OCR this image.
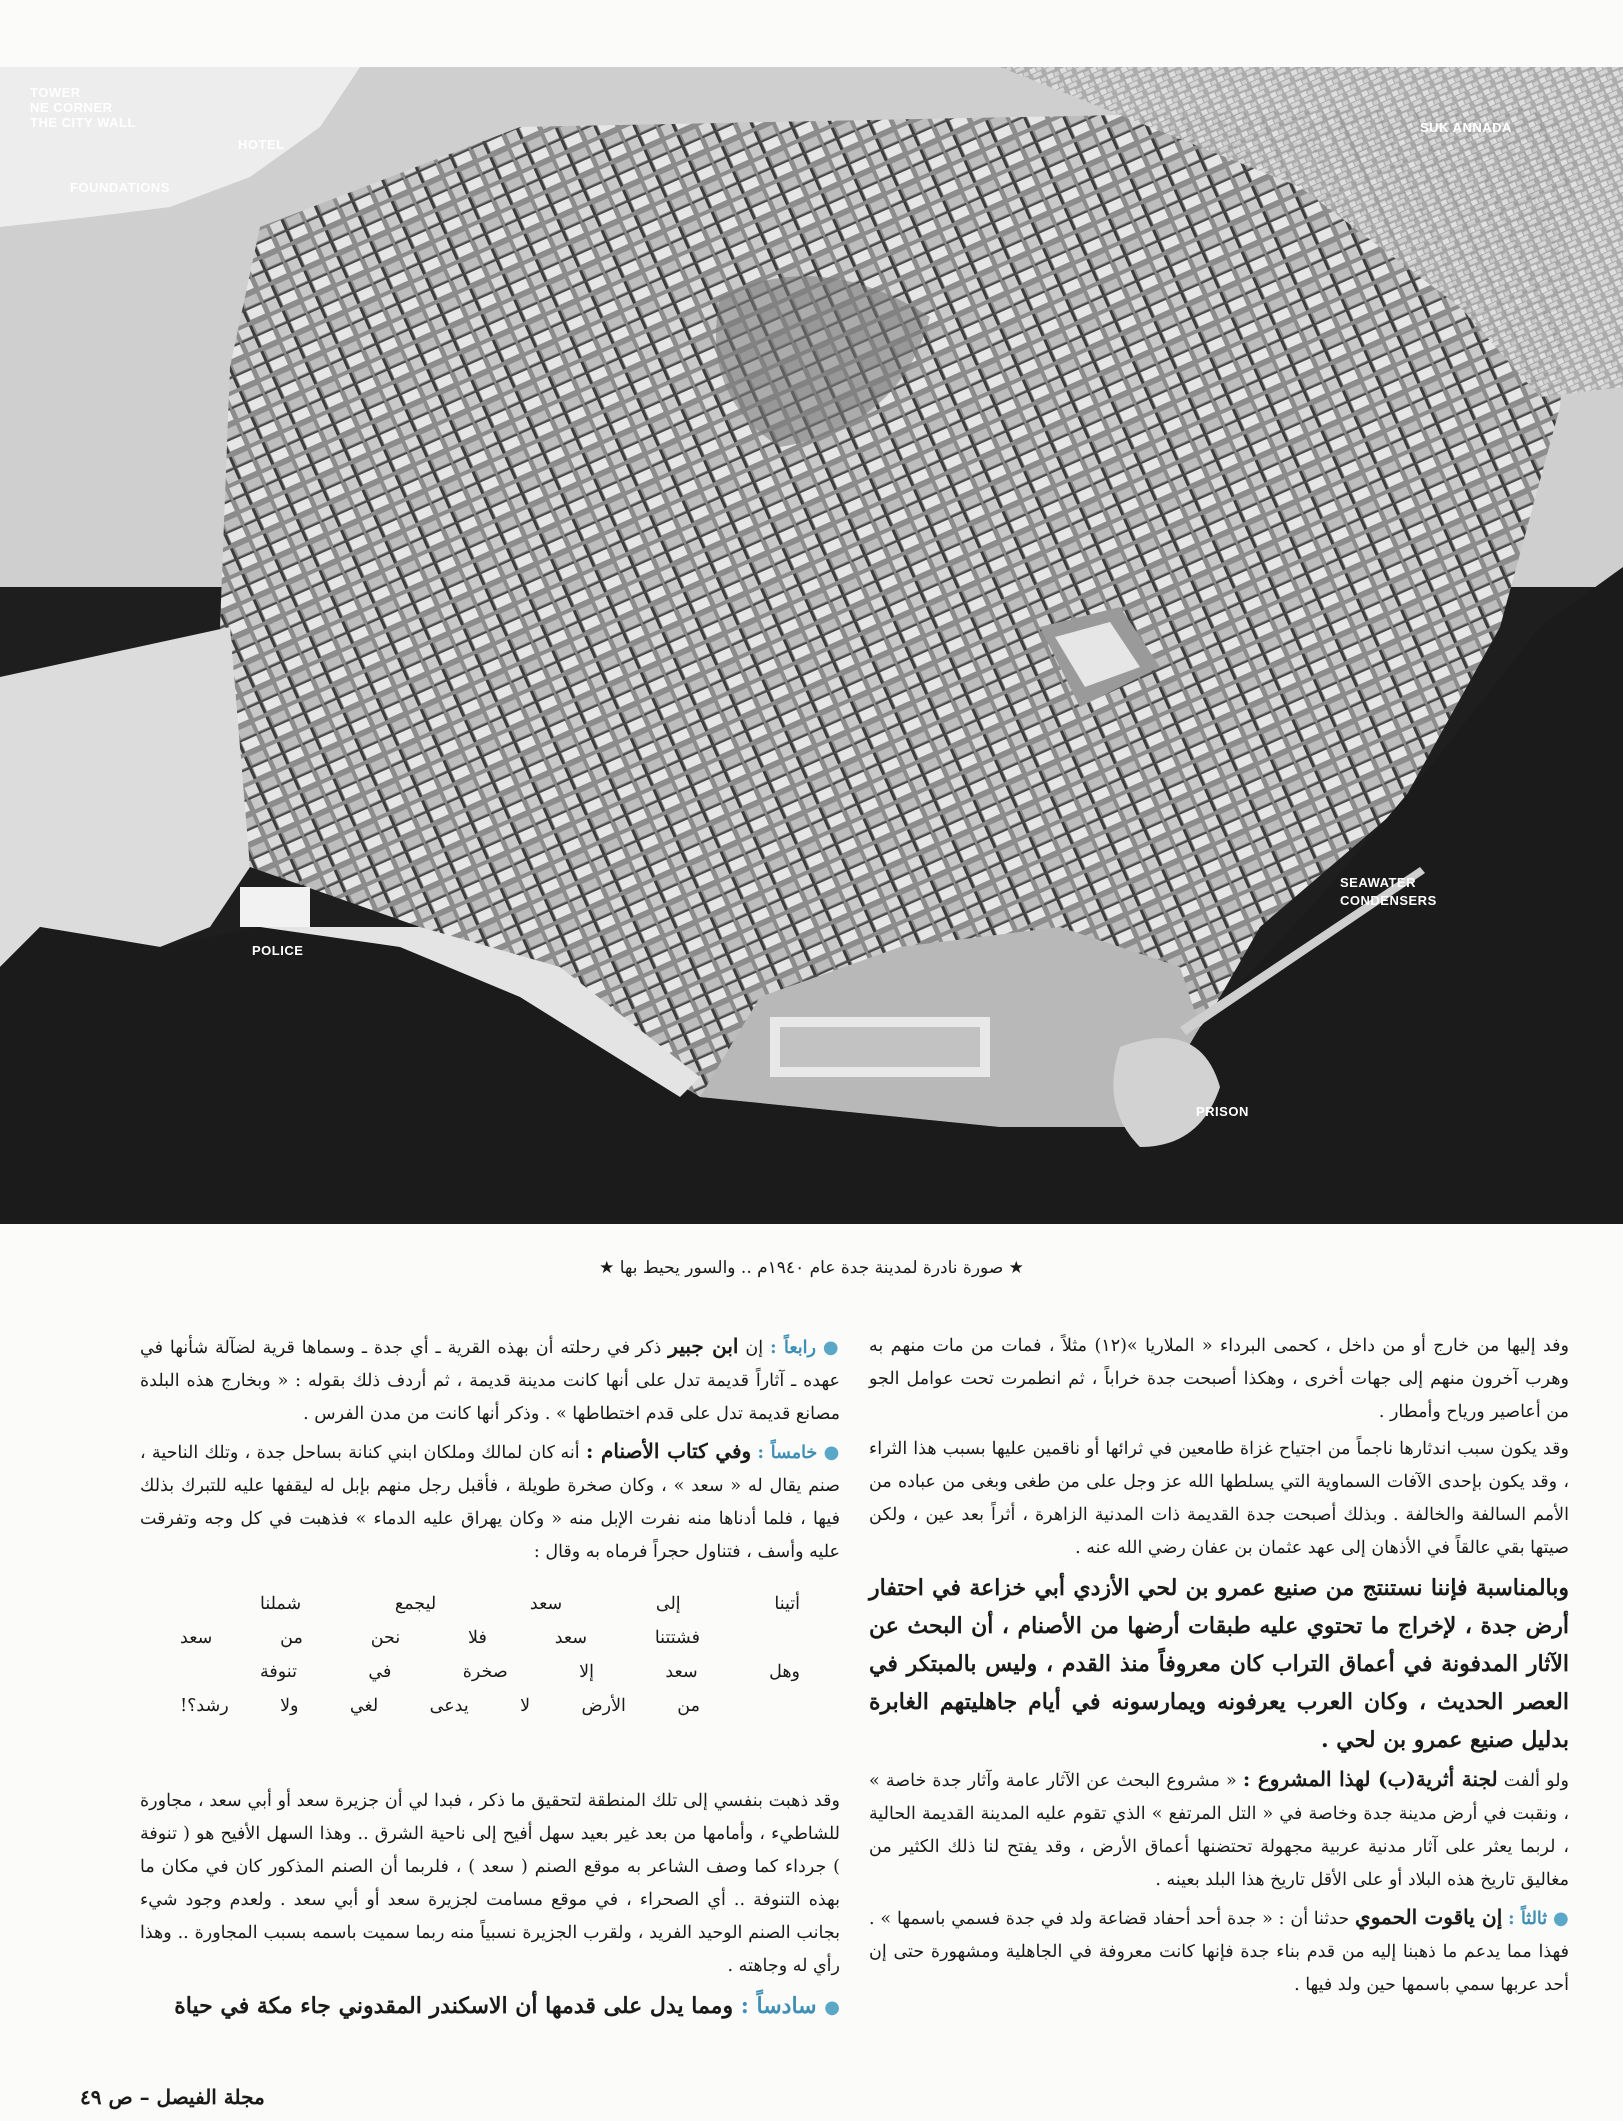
TOWER
NE CORNER
THE CITY WALL
HOTEL
FOUNDATIONS
SUK ANNADA
SEAWATER
CONDENSERS
POLICE
PRISON
★ صورة نادرة لمدينة جدة عام ١٩٤٠م .. والسور يحيط بها ★

وفد إليها من خارج أو من داخل ، كحمى البرداء « الملاريا »(١٢) مثلاً ، فمات من مات منهم به وهرب آخرون منهم إلى جهات أخرى ، وهكذا أصبحت جدة خراباً ، ثم انطمرت تحت عوامل الجو من أعاصير ورياح وأمطار .

وقد يكون سبب اندثارها ناجماً من اجتياح غزاة طامعين في ثرائها أو ناقمين عليها بسبب هذا الثراء ، وقد يكون بإحدى الآفات السماوية التي يسلطها الله عز وجل على من طغى وبغى من عباده من الأمم السالفة والخالفة . وبذلك أصبحت جدة القديمة ذات المدنية الزاهرة ، أثراً بعد عين ، ولكن صيتها بقي عالقاً في الأذهان إلى عهد عثمان بن عفان رضي الله عنه .

وبالمناسبة فإننا نستنتج من صنيع عمرو بن لحي الأزدي أبي خزاعة في احتفار أرض جدة ، لإخراج ما تحتوي عليه طبقات أرضها من الأصنام ، أن البحث عن الآثار المدفونة في أعماق التراب كان معروفاً منذ القدم ، وليس بالمبتكر في العصر الحديث ، وكان العرب يعرفونه ويمارسونه في أيام جاهليتهم الغابرة بدليل صنيع عمرو بن لحي .

ولو ألفت لجنة أثرية(ب) لهذا المشروع : « مشروع البحث عن الآثار عامة وآثار جدة خاصة » ، ونقبت في أرض مدينة جدة وخاصة في « التل المرتفع » الذي تقوم عليه المدينة القديمة الحالية ، لربما يعثر على آثار مدنية عربية مجهولة تحتضنها أعماق الأرض ، وقد يفتح لنا ذلك الكثير من مغاليق تاريخ هذه البلاد أو على الأقل تاريخ هذا البلد بعينه .

● ثالثاً : إن ياقوت الحموي حدثنا أن : « جدة أحد أحفاد قضاعة ولد في جدة فسمي باسمها » . فهذا مما يدعم ما ذهبنا إليه من قدم بناء جدة فإنها كانت معروفة في الجاهلية ومشهورة حتى إن أحد عربها سمي باسمها حين ولد فيها .

● رابعاً : إن ابن جبير ذكر في رحلته أن بهذه القرية ـ أي جدة ـ وسماها قرية لضآلة شأنها في عهده ـ آثاراً قديمة تدل على أنها كانت مدينة قديمة ، ثم أردف ذلك بقوله : « وبخارج هذه البلدة مصانع قديمة تدل على قدم اختطاطها » . وذكر أنها كانت من مدن الفرس .

● خامساً : وفي كتاب الأصنام : أنه كان لمالك وملكان ابني كنانة بساحل جدة ، وتلك الناحية ، صنم يقال له « سعد » ، وكان صخرة طويلة ، فأقبل رجل منهم بإبل له ليقفها عليه للتبرك بذلك فيها ، فلما أدناها منه نفرت الإبل منه « وكان يهراق عليه الدماء » فذهبت في كل وجه وتفرقت عليه وأسف ، فتناول حجراً فرماه به وقال :

أتينا
إلى
سعد
ليجمع
شملنا
فشتتنا
سعد
فلا
نحن
من
سعد
وهل
سعد
إلا
صخرة
في
تنوفة
من
الأرض
لا
يدعى
لغي
ولا
رشد؟!

وقد ذهبت بنفسي إلى تلك المنطقة لتحقيق ما ذكر ، فبدا لي أن جزيرة سعد أو أبي سعد ، مجاورة للشاطيء ، وأمامها من بعد غير بعيد سهل أفيح إلى ناحية الشرق .. وهذا السهل الأفيح هو ( تنوفة ) جرداء كما وصف الشاعر به موقع الصنم ( سعد ) ، فلربما أن الصنم المذكور كان في مكان ما بهذه التنوفة .. أي الصحراء ، في موقع مسامت لجزيرة سعد أو أبي سعد . ولعدم وجود شيء بجانب الصنم الوحيد الفريد ، ولقرب الجزيرة نسبياً منه ربما سميت باسمه بسبب المجاورة .. وهذا رأي له وجاهته .

● سادساً : ومما يدل على قدمها أن الاسكندر المقدوني جاء مكة في حياة

مجلة الفيصل – ص ٤٩
